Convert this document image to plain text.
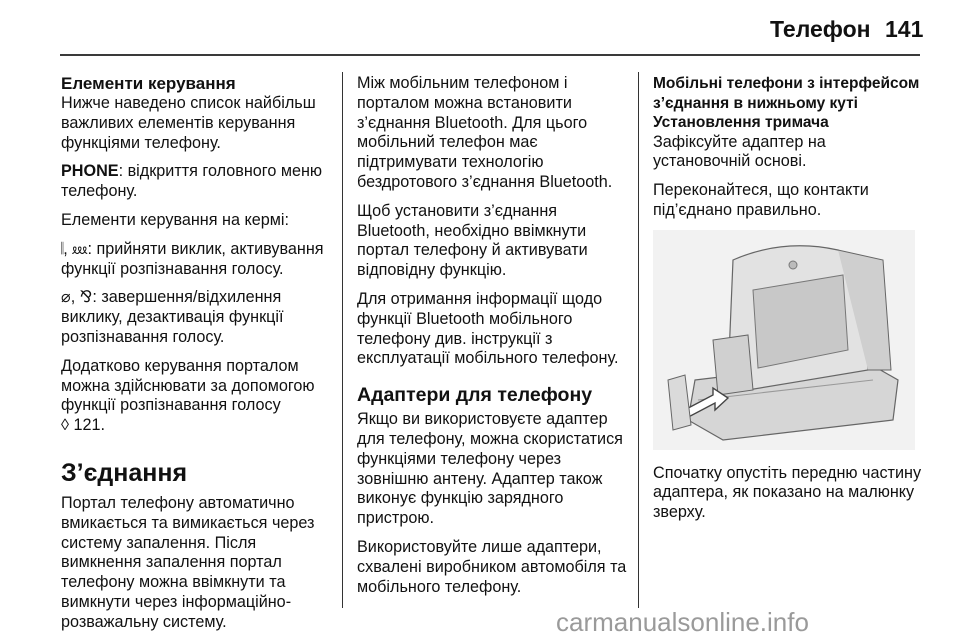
Телефон 141
Елементи керування

Нижче наведено список найбільш важливих елементів керування функціями телефону.

PHONE: відкриття головного меню телефону.

Елементи керування на кермі:

𝄁, ⅏: прийняти виклик, активування функції розпізнавання голосу.

⌀, ⅋: завершення/відхилення виклику, дезактивація функції розпізнавання голосу.

Додатково керування порталом можна здійснювати за допомогою функції розпізнавання голосу
◊ 121.

З’єднання

Портал телефону автоматично вмикається та вимикається через систему запалення. Після вимкнення запалення портал телефону можна ввімкнути та вимкнути через інформаційно-розважальну систему.

Між мобільним телефоном і порталом можна встановити з’єднання Bluetooth. Для цього мобільний телефон має підтримувати технологію бездротового з’єднання Bluetooth.

Щоб установити з’єднання Bluetooth, необхідно ввімкнути портал телефону й активувати відповідну функцію.

Для отримання інформації щодо функції Bluetooth мобільного телефону див. інструкції з експлуатації мобільного телефону.

Адаптери для телефону

Якщо ви використовуєте адаптер для телефону, можна скористатися функціями телефону через зовнішню антену. Адаптер також виконує функцію зарядного пристрою.

Використовуйте лише адаптери, схвалені виробником автомобіля та мобільного телефону.

Мобільні телефони з інтерфейсом з’єднання в нижньому куті
Установлення тримача

Зафіксуйте адаптер на установочній основі.

Переконайтеся, що контакти під’єднано правильно.

Спочатку опустіть передню частину адаптера, як показано на малюнку зверху.

carmanualsonline.info
